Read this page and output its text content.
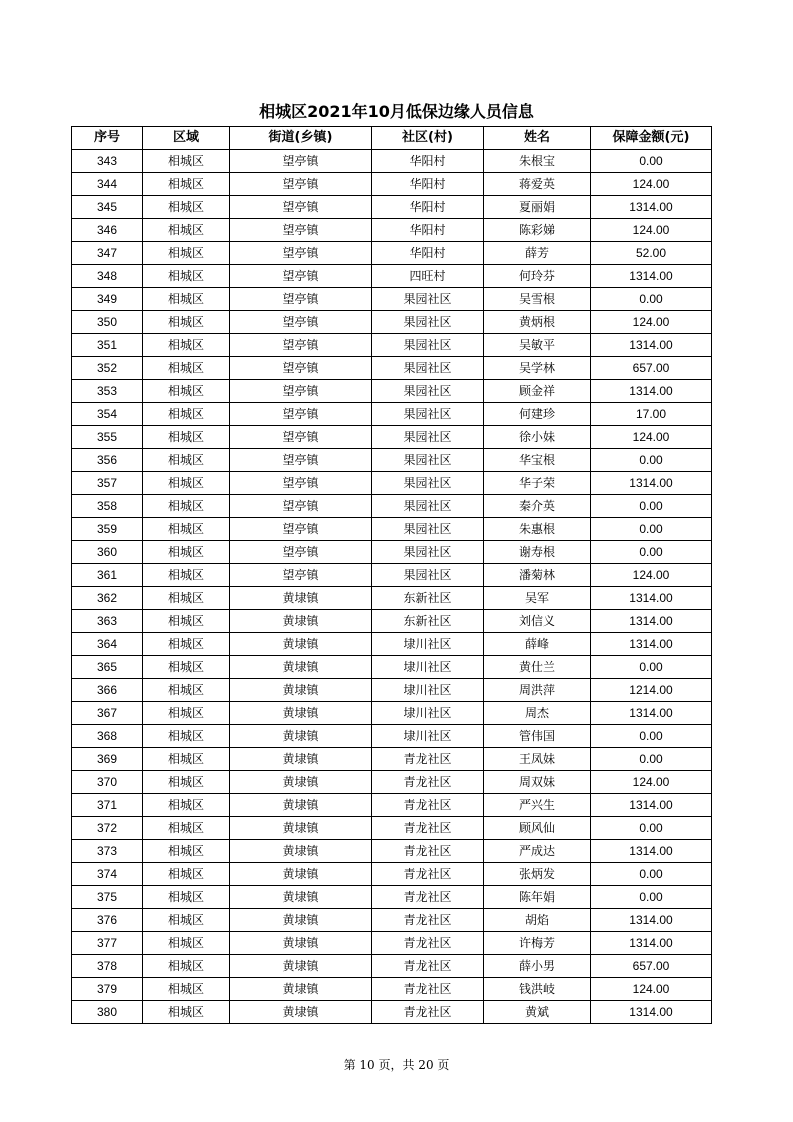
相城区2021年10月低保边缘人员信息
序号	区域	街道(乡镇)	社区(村)	姓名	保障金额(元)
343	相城区	望亭镇	华阳村	朱根宝	0.00
344	相城区	望亭镇	华阳村	蒋爱英	124.00
345	相城区	望亭镇	华阳村	夏丽娟	1314.00
346	相城区	望亭镇	华阳村	陈彩娣	124.00
347	相城区	望亭镇	华阳村	薛芳	52.00
348	相城区	望亭镇	四旺村	何玲芬	1314.00
349	相城区	望亭镇	果园社区	吴雪根	0.00
350	相城区	望亭镇	果园社区	黄炳根	124.00
351	相城区	望亭镇	果园社区	吴敏平	1314.00
352	相城区	望亭镇	果园社区	吴学林	657.00
353	相城区	望亭镇	果园社区	顾金祥	1314.00
354	相城区	望亭镇	果园社区	何建珍	17.00
355	相城区	望亭镇	果园社区	徐小妹	124.00
356	相城区	望亭镇	果园社区	华宝根	0.00
357	相城区	望亭镇	果园社区	华子荣	1314.00
358	相城区	望亭镇	果园社区	秦介英	0.00
359	相城区	望亭镇	果园社区	朱惠根	0.00
360	相城区	望亭镇	果园社区	谢寿根	0.00
361	相城区	望亭镇	果园社区	潘菊林	124.00
362	相城区	黄埭镇	东新社区	吴军	1314.00
363	相城区	黄埭镇	东新社区	刘信义	1314.00
364	相城区	黄埭镇	埭川社区	薛峰	1314.00
365	相城区	黄埭镇	埭川社区	黄仕兰	0.00
366	相城区	黄埭镇	埭川社区	周洪萍	1214.00
367	相城区	黄埭镇	埭川社区	周杰	1314.00
368	相城区	黄埭镇	埭川社区	管伟国	0.00
369	相城区	黄埭镇	青龙社区	王凤妹	0.00
370	相城区	黄埭镇	青龙社区	周双妹	124.00
371	相城区	黄埭镇	青龙社区	严兴生	1314.00
372	相城区	黄埭镇	青龙社区	顾风仙	0.00
373	相城区	黄埭镇	青龙社区	严成达	1314.00
374	相城区	黄埭镇	青龙社区	张炳发	0.00
375	相城区	黄埭镇	青龙社区	陈年娟	0.00
376	相城区	黄埭镇	青龙社区	胡焰	1314.00
377	相城区	黄埭镇	青龙社区	许梅芳	1314.00
378	相城区	黄埭镇	青龙社区	薛小男	657.00
379	相城区	黄埭镇	青龙社区	钱洪岐	124.00
380	相城区	黄埭镇	青龙社区	黄斌	1314.00
第 10 页，共 20 页
